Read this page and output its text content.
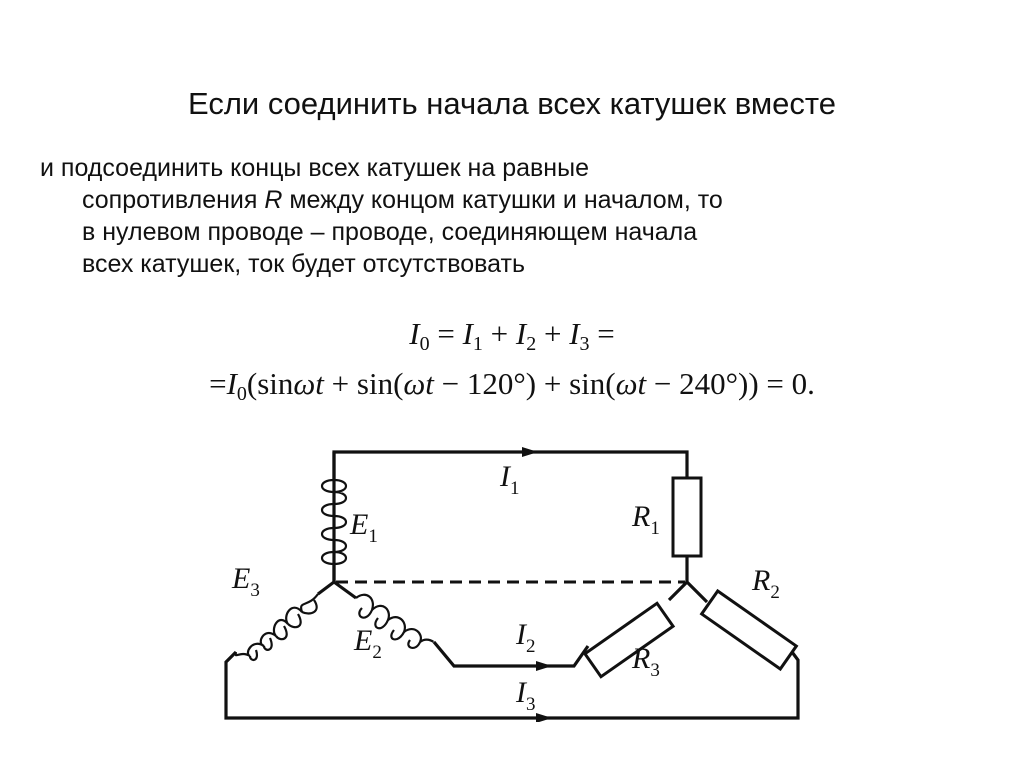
Если соединить начала всех катушек вместе
и подсоединить концы всех катушек на равные
сопротивления R между концом катушки и началом, то
в нулевом проводе – проводе, соединяющем начала
всех катушек, ток будет отсутствовать
$I_0 = I_1 + I_2 + I_3$ =
$=I_0(\sin\omega t + \sin(\omega t - 120^\circ) + \sin(\omega t - 240^\circ)) = 0$.
I1
E1
R1
E3
E2
R2
I2	R3
I3
